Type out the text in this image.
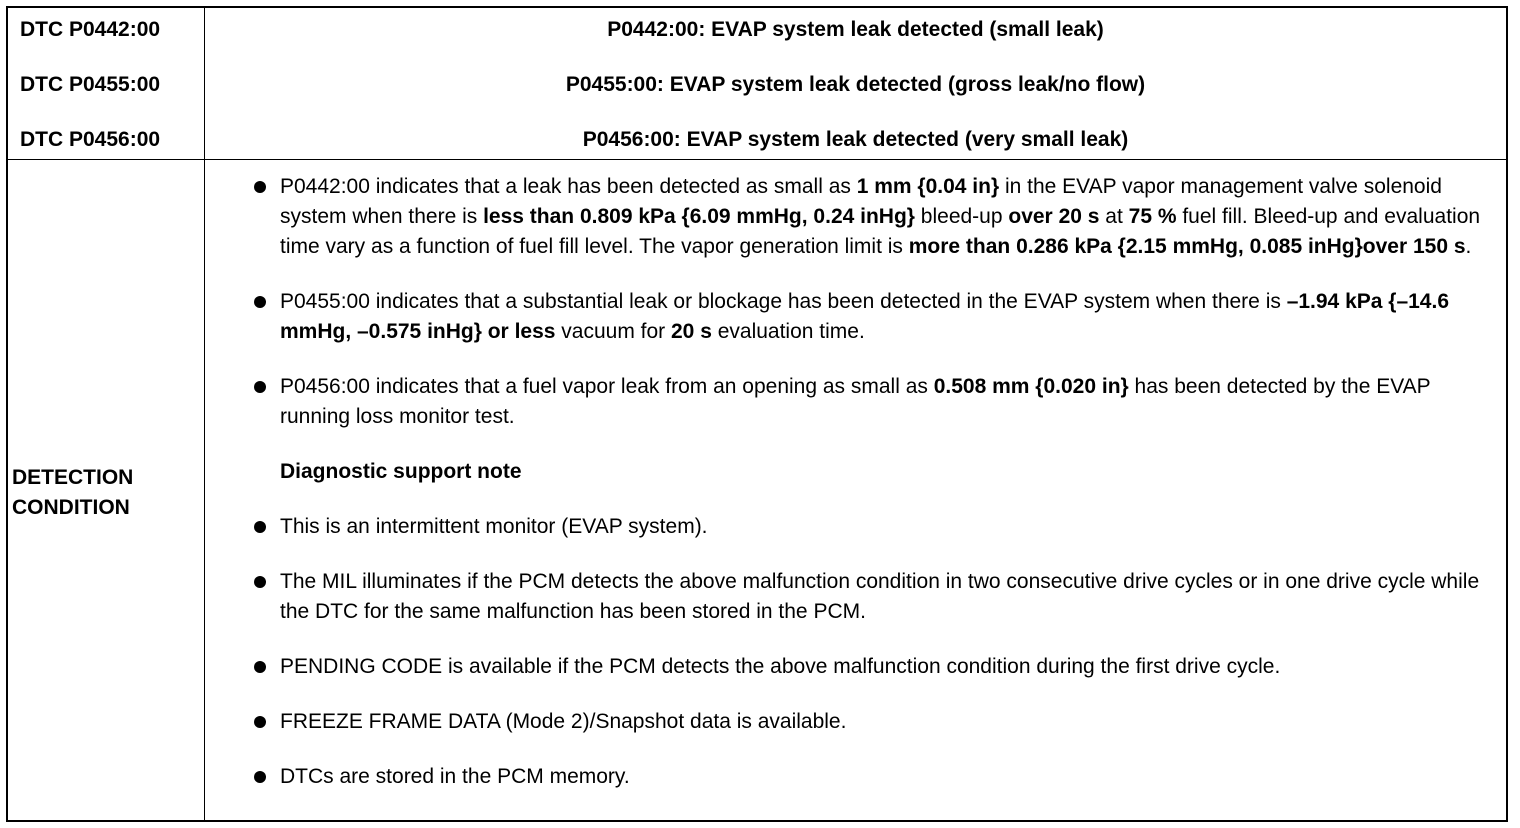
DTC P0442:00
DTC P0455:00
DTC P0456:00
P0442:00: EVAP system leak detected (small leak)
P0455:00: EVAP system leak detected (gross leak/no flow)
P0456:00: EVAP system leak detected (very small leak)
DETECTION
CONDITION
P0442:00 indicates that a leak has been detected as small as 1 mm {0.04 in} in the EVAP vapor management valve solenoid system when there is less than 0.809 kPa {6.09 mmHg, 0.24 inHg} bleed-up over 20 s at 75 % fuel fill. Bleed-up and evaluation time vary as a function of fuel fill level. The vapor generation limit is more than 0.286 kPa {2.15 mmHg, 0.085 inHg}over 150 s.
P0455:00 indicates that a substantial leak or blockage has been detected in the EVAP system when there is –1.94 kPa {–14.6 mmHg, –0.575 inHg} or less vacuum for 20 s evaluation time.
P0456:00 indicates that a fuel vapor leak from an opening as small as 0.508 mm {0.020 in} has been detected by the EVAP running loss monitor test.
Diagnostic support note
This is an intermittent monitor (EVAP system).
The MIL illuminates if the PCM detects the above malfunction condition in two consecutive drive cycles or in one drive cycle while the DTC for the same malfunction has been stored in the PCM.
PENDING CODE is available if the PCM detects the above malfunction condition during the first drive cycle.
FREEZE FRAME DATA (Mode 2)/Snapshot data is available.
DTCs are stored in the PCM memory.
